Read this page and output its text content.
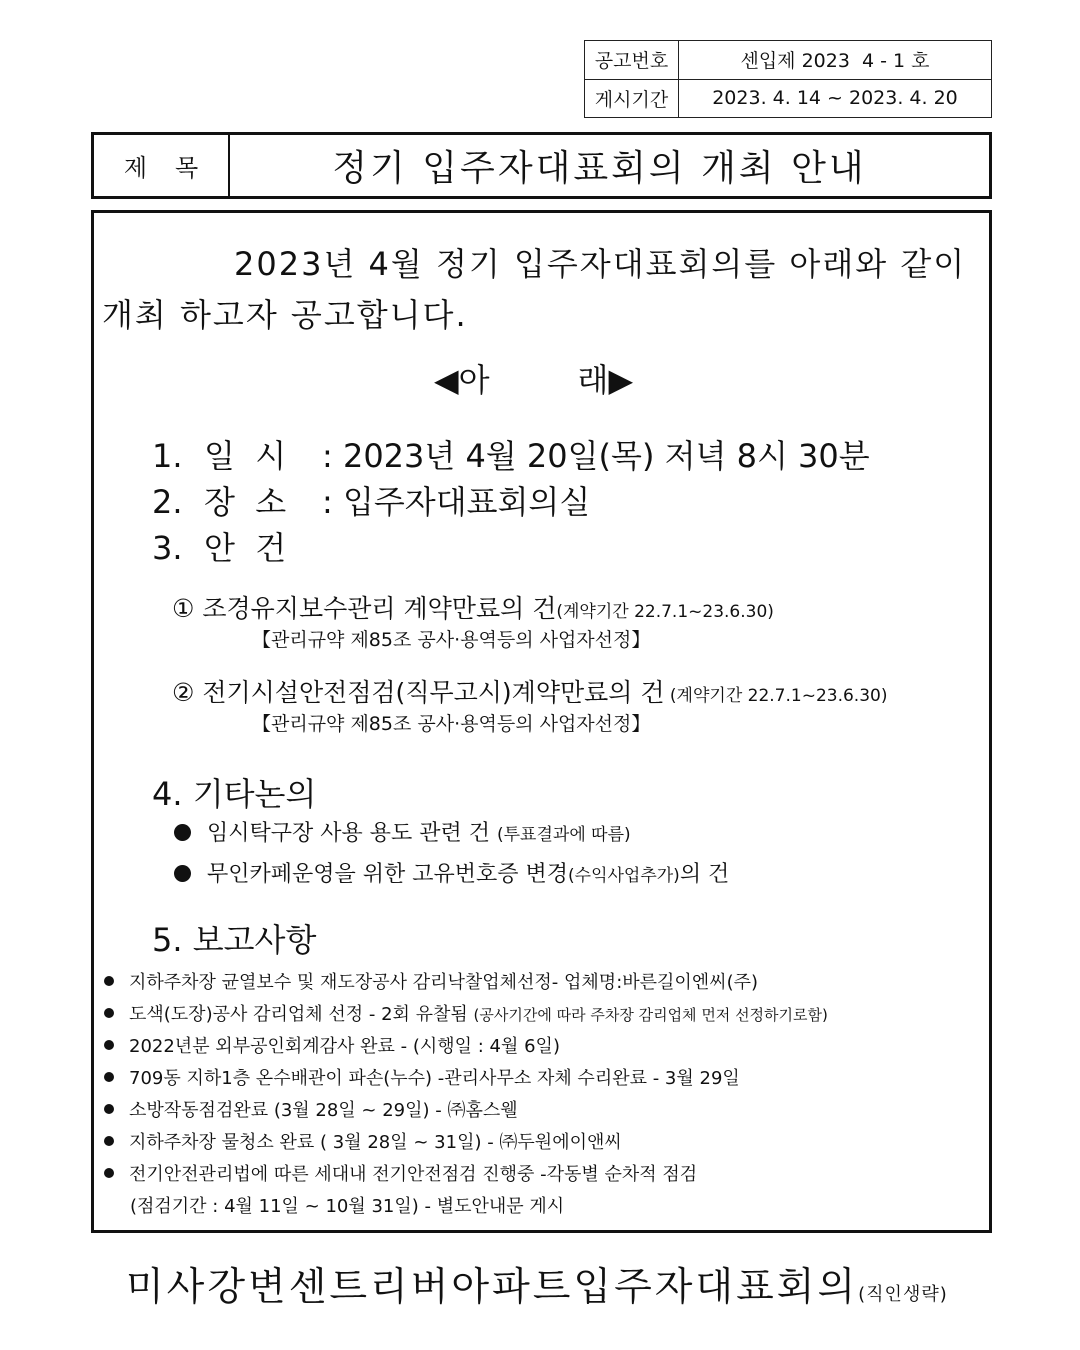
공고번호	센입제 2023  4 - 1 호
게시기간	2023. 4. 14 ~ 2023. 4. 20
제목	정기 입주자대표회의 개최 안내
2023년 4월 정기 입주자대표회의를 아래와 같이
개최 하고자 공고합니다.
◀아	래▶
1. 일  시 : 2023년 4월 20일(목) 저녁 8시 30분
2. 장  소 : 입주자대표회의실
3. 안  건
① 조경유지보수관리 계약만료의 건(계약기간 22.7.1~23.6.30)
【관리규약 제85조 공사·용역등의 사업자선정】
② 전기시설안전점검(직무고시)계약만료의 건 (계약기간 22.7.1~23.6.30)
【관리규약 제85조 공사·용역등의 사업자선정】
4. 기타논의
임시탁구장 사용 용도 관련 건 (투표결과에 따름)
무인카페운영을 위한 고유번호증 변경(수익사업추가)의 건
5. 보고사항
지하주차장 균열보수 및 재도장공사 감리낙찰업체선정- 업체명:바른길이엔씨(주)
도색(도장)공사 감리업체 선정 - 2회 유찰됨 (공사기간에 따라 주차장 감리업체 먼저 선정하기로함)
2022년분 외부공인회계감사 완료 - (시행일 : 4월 6일)
709동 지하1층 온수배관이 파손(누수) -관리사무소 자체 수리완료 - 3월 29일
소방작동점검완료 (3월 28일 ~ 29일) - ㈜홈스웰
지하주차장 물청소 완료 ( 3월 28일 ~ 31일) - ㈜두원에이앤씨
전기안전관리법에 따른 세대내 전기안전점검 진행중 -각동별 순차적 점검
(점검기간 : 4월 11일 ~ 10월 31일) - 별도안내문 게시
미사강변센트리버아파트입주자대표회의(직인생략)
